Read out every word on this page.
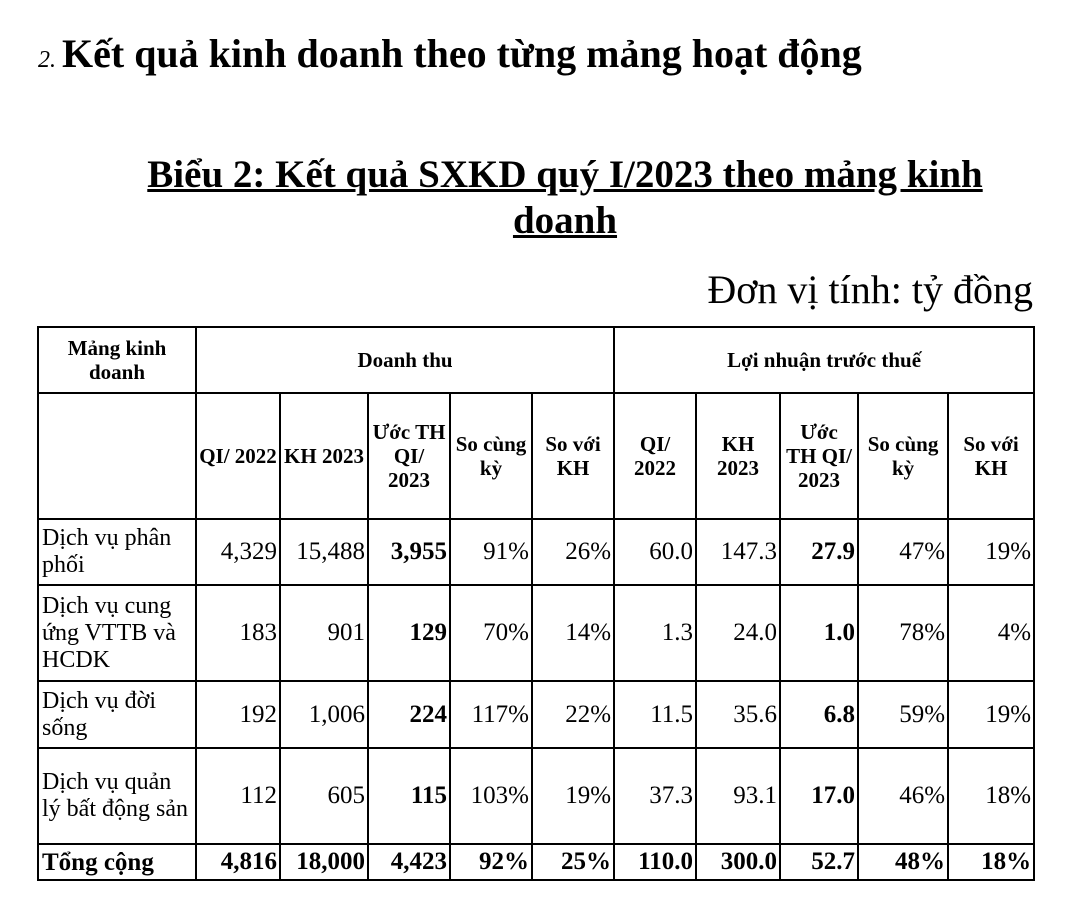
2. Kết quả kinh doanh theo từng mảng hoạt động
Biểu 2: Kết quả SXKD quý I/2023 theo mảng kinh doanh
Đơn vị tính: tỷ đồng
Mảng kinh doanh	Doanh thu					Lợi nhuận trước thuế				
	QI/ 2022	KH 2023	Ước TH QI/ 2023	So cùng kỳ	So với KH	QI/ 2022	KH 2023	Ước TH QI/ 2023	So cùng kỳ	So với KH
Dịch vụ phân phối	4,329	15,488	3,955	91%	26%	60.0	147.3	27.9	47%	19%
Dịch vụ cung ứng VTTB và HCDK	183	901	129	70%	14%	1.3	24.0	1.0	78%	4%
Dịch vụ đời sống	192	1,006	224	117%	22%	11.5	35.6	6.8	59%	19%
Dịch vụ quản lý bất động sản	112	605	115	103%	19%	37.3	93.1	17.0	46%	18%
Tổng cộng	4,816	18,000	4,423	92%	25%	110.0	300.0	52.7	48%	18%
